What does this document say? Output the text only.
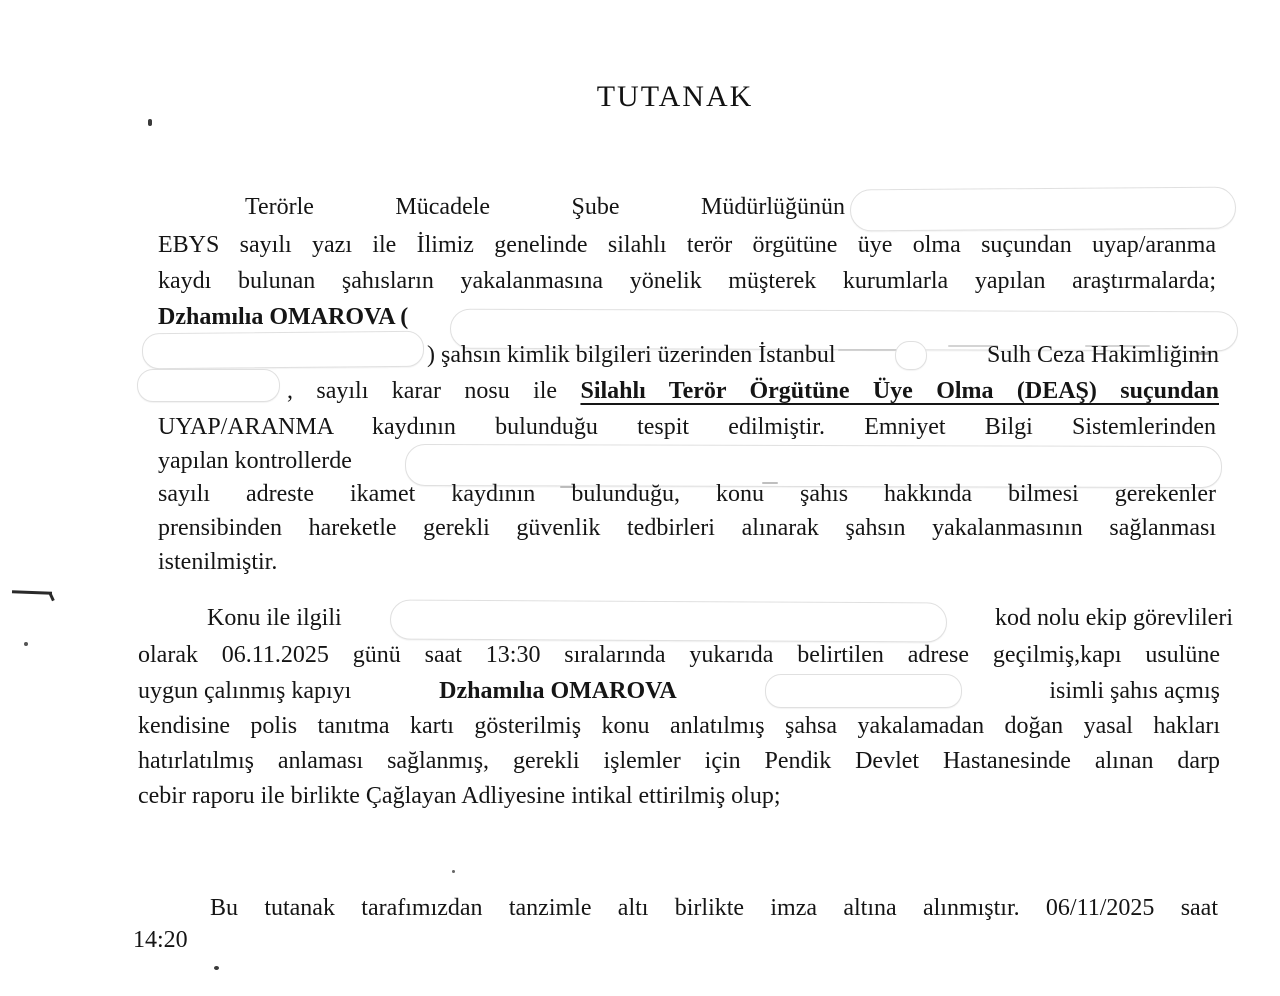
TUTANAK
Terörle Mücadele Şube Müdürlüğünün
EBYS sayılı yazı ile İlimiz genelinde silahlı terör örgütüne üye olma suçundan uyap/aranma
kaydı bulunan şahısların yakalanmasına yönelik müşterek kurumlarla yapılan araştırmalarda;
Dzhamılıa OMAROVA (
) şahsın kimlik bilgileri üzerinden İstanbul	Sulh Ceza Hakimliğinin
, sayılı karar nosu ile Silahlı Terör Örgütüne Üye Olma (DEAŞ) suçundan
UYAP/ARANMA kaydının bulunduğu tespit edilmiştir. Emniyet Bilgi Sistemlerinden
yapılan kontrollerde
sayılı adreste ikamet kaydının bulunduğu, konu şahıs hakkında bilmesi gerekenler
prensibinden hareketle gerekli güvenlik tedbirleri alınarak şahsın yakalanmasının sağlanması
istenilmiştir.
Konu ile ilgili	kod nolu ekip görevlileri
olarak 06.11.2025 günü saat 13:30 sıralarında yukarıda belirtilen adrese geçilmiş,kapı usulüne
uygun çalınmış kapıyı	Dzhamılıa OMAROVA	isimli şahıs açmış
kendisine polis tanıtma kartı gösterilmiş konu anlatılmış şahsa yakalamadan doğan yasal hakları
hatırlatılmış anlaması sağlanmış, gerekli işlemler için Pendik Devlet Hastanesinde alınan darp
cebir raporu ile birlikte Çağlayan Adliyesine intikal ettirilmiş olup;
Bu tutanak tarafımızdan tanzimle altı birlikte imza altına alınmıştır. 06/11/2025 saat
14:20
